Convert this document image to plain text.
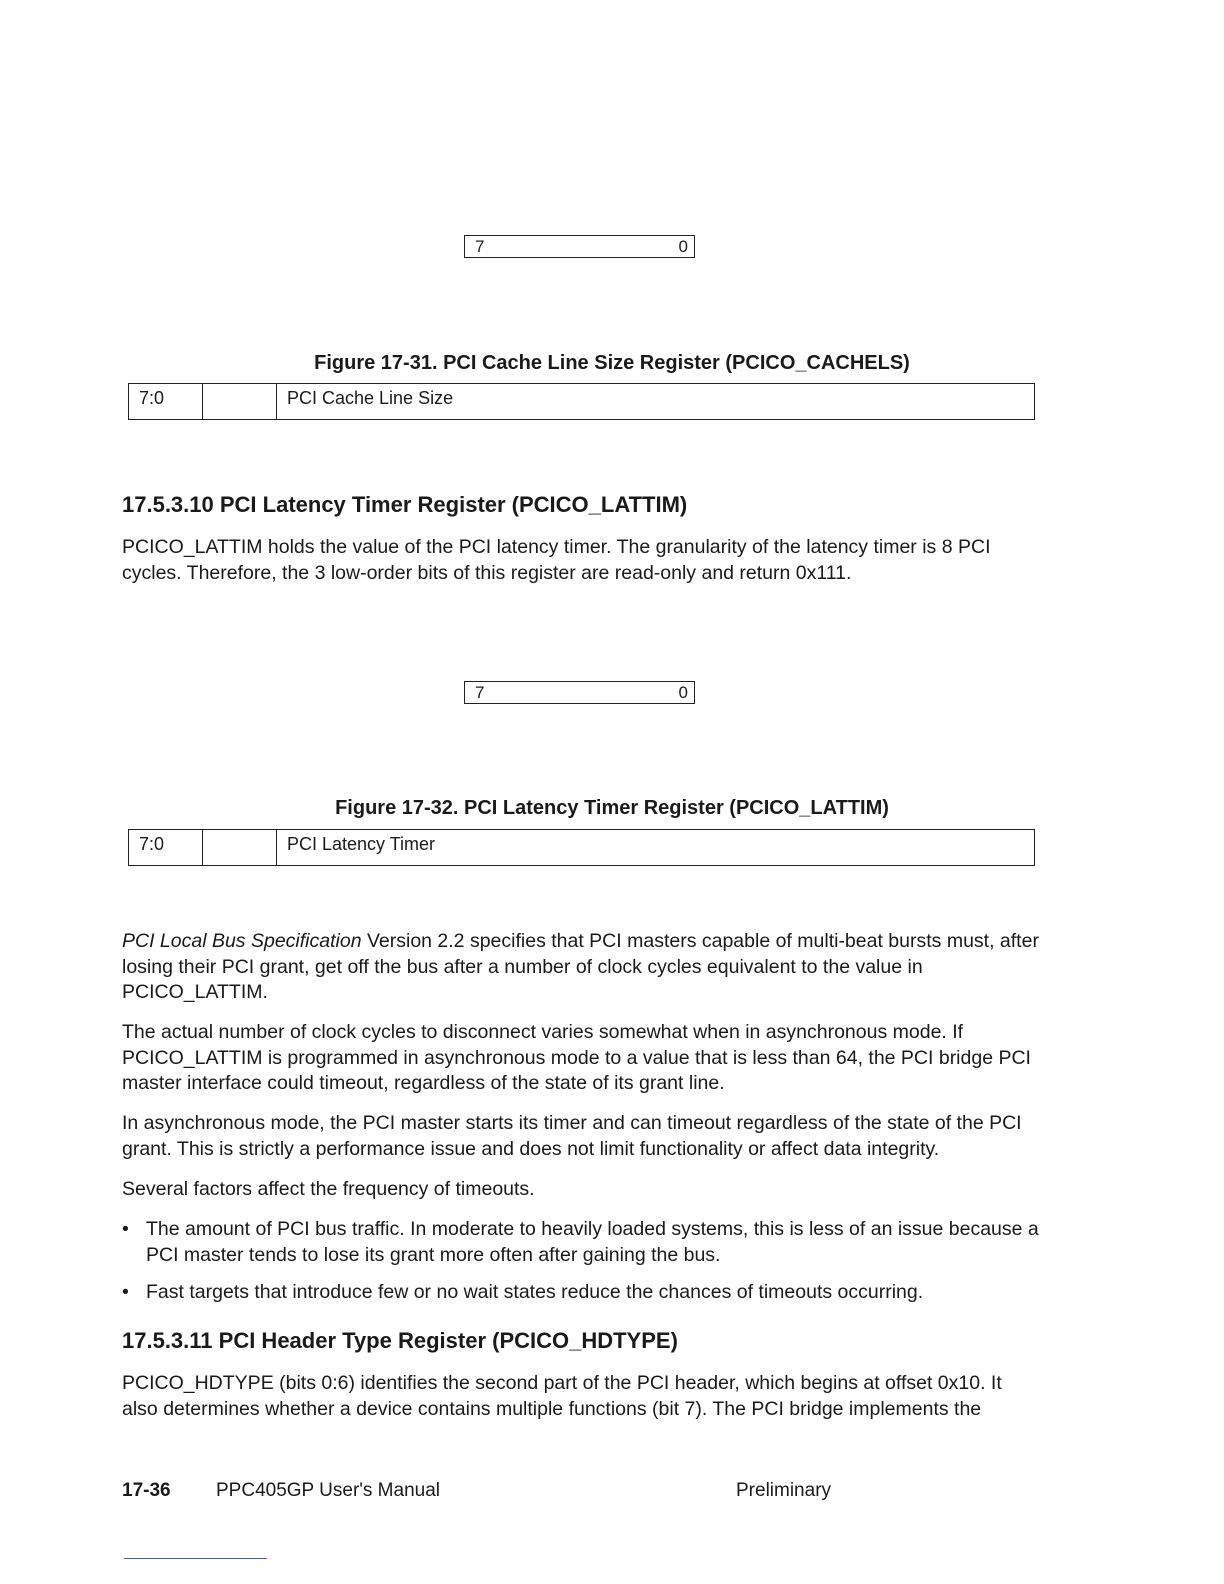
7	0
Figure 17-31. PCI Cache Line Size Register (PCICO_CACHELS)
7:0		PCI Cache Line Size
17.5.3.10 PCI Latency Timer Register (PCICO_LATTIM)

PCICO_LATTIM holds the value of the PCI latency timer. The granularity of the latency timer is 8 PCI cycles. Therefore, the 3 low-order bits of this register are read-only and return 0x111.

7	0
Figure 17-32. PCI Latency Timer Register (PCICO_LATTIM)
7:0		PCI Latency Timer

PCI Local Bus Specification Version 2.2 specifies that PCI masters capable of multi-beat bursts must, after losing their PCI grant, get off the bus after a number of clock cycles equivalent to the value in PCICO_LATTIM.

The actual number of clock cycles to disconnect varies somewhat when in asynchronous mode. If PCICO_LATTIM is programmed in asynchronous mode to a value that is less than 64, the PCI bridge PCI master interface could timeout, regardless of the state of its grant line.

In asynchronous mode, the PCI master starts its timer and can timeout regardless of the state of the PCI grant. This is strictly a performance issue and does not limit functionality or affect data integrity.

Several factors affect the frequency of timeouts.

• The amount of PCI bus traffic. In moderate to heavily loaded systems, this is less of an issue because a PCI master tends to lose its grant more often after gaining the bus.
• Fast targets that introduce few or no wait states reduce the chances of timeouts occurring.
17.5.3.11 PCI Header Type Register (PCICO_HDTYPE)

PCICO_HDTYPE (bits 0:6) identifies the second part of the PCI header, which begins at offset 0x10. It also determines whether a device contains multiple functions (bit 7). The PCI bridge implements the

17-36 PPC405GP User's Manual	Preliminary
